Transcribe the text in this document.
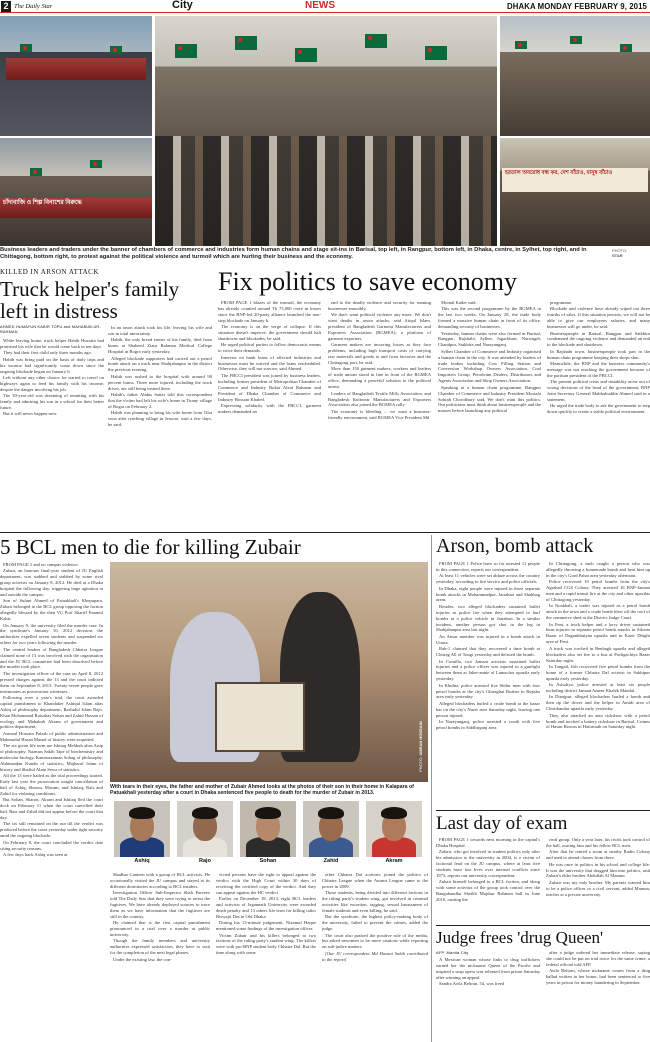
2 The Daily Star	City	NEWS	DHAKA MONDAY FEBRUARY 9, 2015
চাঁদাবাজি ও শিল্প বিনাশের বিরুদ্ধে
হরতাল অবরোধ বন্ধ কর, দেশ বাঁচাও, মানুষ বাঁচাও
Business leaders and traders under the banner of chambers of commerce and industries form human chains and stage sit-ins in Barisal, top left, in Rangpur, bottom left, in Dhaka, centre, in Sylhet, top right, and in Chittagong, bottom right, to protest against the political violence and turmoil which are hurting their business and the economy.
PHOTO:
STAR
KILLED IN ARSON ATTACK
Truck helper's family left in distress
AHMED HUMAYUN KABIR TOPU and MAHABUB-UR-RAHMAN

While leaving home, truck helper Habib Hossain had promised his wife that he would come back in ten days.

They had their first child only three months ago.

Habib was bring paid on the basis of daily trips and his income had significantly come down since the ongoing blockade began on January 6.

Left without any other choice, he started to travel on highways again to feed his family with his income, despite the danger involving his job.

The 30-year-old was dreaming of reuniting with his family and admiring his son in a school for their better future.

But it will never happen now.

In an arson attack took his life, leaving his wife and son in total uncertainty.

Habib, the only bread earner of his family, died from burns at Shaheed Ziaur Rahman Medical College Hospital in Bogra early yesterday.

Alleged blockade supporters had carried out a petrol bomb attack on a truck near Shahjahanpur in the district the previous evening.

Habib was rushed to the hospital with around 90 percent burns. Three more injured, including the truck driver, are still being treated there.

Habib's father Abdus Sattar told this correspondent that the victim had left his wife's home in Tirany village of Bogra on February 2.

Habib was planning to bring his wife home from Tilat soon after reaching village in Jessore, wait a few days, he said.

Fix politics to save economy

FROM PAGE 1 blazes of the turmoil, the economy has already counted around Tk 75,000 crore in losses since the BNP-led 20-party alliance launched the non-stop blockade on January 6.

The economy is on the verge of collapse. If this situation doesn't improve, the government should halt shutdowns and blockades, he said.

He urged political parties to follow democratic means to voice their demands.

Interests on bank loans of affected industries and businesses must be waived and the loans rescheduled. Otherwise, they will not survive, said Ahmed.

The FBCCI president was joined by business leaders, including former president of Metropolitan Chamber of Commerce and Industry Rokia Afzal Rahman and President of Dhaka Chamber of Commerce and Industry Hossain Khaled.

Expressing solidarity with the FBCCI, garment makers demanded an

end to the deadly violence and security for running businesses smoothly.

We don't want political violence any more. We don't want deaths in arson attacks, said Atiqul Islam, president of Bangladesh Garment Manufacturers and Exporters Association (BGMEA); a platform of garment exporters.

Garment makers are incurring losses as they face problems, including high transport costs of carrying raw materials and goods to and from factories and the Chittagong port, he said.

More than 150 garment makers, workers and leaders of trade unions stood in line in front of the BGMEA office, demanding a peaceful solution to the political unrest.

Leaders of Bangladesh Textile Mills Association, and Bangladesh Knitwear Manufacturers and Exporters Association also joined the BGMEA rally.

The economy is bleeding ... we want a business-friendly environment, said BGMEA Vice President Md

Moinul Kader said.

This was the second programme by the BGMEA in the last two weeks. On January 28, the trade body formed a massive human chain in front of its office, demanding security of businesses.

Yesterday, human chains were also formed in Barisal, Rangpur, Rajshahi, Sylhet, Jagachhari, Narsingdi, Chandpur, Satkhira and Narayanganj.

Sylhet Chamber of Commerce and Industry organised a human chain in the city. It was attended by leaders of trade bodies including Cow Filling Station and Conversion Workshop Owners Association, Coal Importers Group, Petroleum Dealers, Distributors and Agents Association and Shop Owners Association.

Speaking at a human chain programme, Rangpur Chamber of Commerce and Industry President Mostafa Sohrab Chowdhury said, We don't want this politics. Our politicians must think about businesspeople and the masses before launching any political

programme.

Blockade and violence have already wiped out three fourths of sales. If this situation persists, we will not be able to give our employees salaries, and many businesses will go under, he said.

Businesspeople in Barisal, Rangpur and Satkhira condemned the ongoing violence and demanded an end to the blockade and shutdown.

In Rajshahi town, businesspeople took part in the human chain programme keeping their shops shut.

Meanwhile, the BNP and the business community's message was not reaching the government because of the partisan president of the FBCCI.

The present political crisis and instability arose out of wrong decisions of the head of the government, BNP Joint Secretary General Mahbubuddin Ahmed said in a statement.

He urged the trade body to ask the government to step down quickly to create a stable political environment.

5 BCL men to die for killing Zubair

FROM PAGE 1 and no campus violence.

Zubair, an honours final-year student of JU English department, was stabbed and stabbed by some rival group activists on January 8, 2012. He died at a Dhaka hospital the following day, triggering huge agitation in and outside the campus.

Son of Sufani Ahmed of Patuakhali's Khepupara, Zubair belonged to the BCL group opposing the faction allegedly blessed by the then VC Prof Shariff Enamul Kabir.

On January 9, the university filed the murder case. In the syndicate's January 10, 2012 decision, the authorities expelled seven students and suspended six others for two years following the murder.

The central leaders of Bangladesh Chhatra League claimed none of 13 was involved with the organisation and the JU BCL committee had been dissolved before the murder took place.

The investigation officer of the case on April 8, 2012 pressed charges against the 13 and the court indicted them on September 8, 2013. Twenty-seven people gave testimonies as prosecution witnesses.

Following over a year's trial, the court awarded capital punishment to Khandaker Ashiqul Islam alias Ashiq of philosophy department; Rashidul Islam Rajo, Khan Mohammad Raisalias Sohan and Zahid Hassan of ecology and Mahabub Akram of government and politics department.

Asmaul Hossain Palash of public administration and Mahmudul Hasan Masud of history were acquitted.

The six given life term are Ishtiaq Mehbub alias Arup of philosophy, Nazmus Sakib Tape of biochemistry and molecular biology, Kamruzzaman Sohag of philosophy, Abhinandan Kundu of statistics, Majharul Islam of history and Shafiul Alam Sewa of statistics.

All the 13 were hailed as the trial proceedings started. Early last year the prosecution sought cancellation of bail of Ashiq, Sharon, Masum, and Ishtiaq; Rais and Zahid for violating conditions.

But Sohan, Sharon, Akram and Ishtiaq fled the court dock on February 11 when the court cancelled their bail. Rais and Zahid did not appear before the court that day.

The six still remained on the run till the verdict was produced before the court yesterday under tight security amid the ongoing blockade.

On February 8, the court concluded the verdict date citing security reasons.

A few days back Ashiq was seen at

PHOTO: AMRAN HOSSAIN
With tears in their eyes, the father and mother of Zubair Ahmed looks at the photos of their son in their home in Kalapara of Patuakhali yesterday after a court in Dhaka sentenced five people to death for the murder of Zubair in 2013.
Ashiq	Rajo	Sohan	Zahid	Akram

Shadhar Canteen with a group of BCL activists. He occasionally visited the JU campus and stayed at its different dormitories according to BCL insiders.

Investigation Officer Sub-Inspector Shah Parveez told The Daily Star that they were trying to arrest the fugitives. We have already deployed sources to trace them as we have information that the fugitives are still in the country.

He claimed that is the first capital punishment pronounced in a trial over a murder at public university.

Though the family members and university authorities expressed satisfaction, they have to wait for the completion of the next legal phases.

Under the existing law, the con-

victed persons have the right to appeal against the verdict with the High Court within 30 days of receiving the certified copy of the verdict. And they can appeal against the HC verdict.

Earlier on December 18, 2013, eight BCL leaders and activists of Jagannath University were awarded death penalty and 13 others life term for killing tailor Biswajit Das in Old Dhaka.

During his 13-minute judgement, Nizamul Haque mentioned some findings of the investigation officer.

Victim Zubair and his killers belonged to two factions of the ruling party's student wing. The killers were with pro-BNP student body Chhatra Dal. But the time along with some

other Chhatra Dal activists joined the politics of Chhatra League when the Awami League came to the power in 2009.

Those students, being divided into different factions in the ruling party's student wing, got involved in criminal activities like extortion, tagging, sexual harassment of female students and even killing, he said.

But the syndicate, the highest policy-making body of the university, failed to prevent the crimes, added the judge.

The court also praised the positive role of the media, but asked newsmen to be more cautious while reporting on sub-judice matters.

[Our JU correspondent Md Hasnat Sakib contributed to the report]

Arson, bomb attack

FROM PAGE 1 Police have so far arrested 11 people in this connection, reports our correspondent.

At least 11 vehicles were set ablaze across the country yesterday, according to fire service and police officials.

In Dhaka, eight people were injured in three separate bomb attacks in Mohammadpur, Jatrabari and Shahbag areas.

Besides, two alleged blockaders sustained bullet injuries as police fire when they attempted to hurl bombs at a police vehicle in Jatrabari. In a similar incident, another person got shot in the leg in Shahjahanpur area last night.

An Ansar member was injured in a bomb attack in Uttara.

Rab-1 claimed that they recovered a time bomb at Chitrag All of Tongi yesterday and defused the bomb.

In Comilla, two Jamaat activists sustained bullet injuries and a police officer was injured in a gunfight between them at Jaker-annie of Lamachor upazila early yesterday.

In Khulna, police arrested five Shibir men with four petrol bombs at the city's Ghiraghat Roaber in Rupsha area early yesterday.

Alleged blockaders hurled a crude bomb at the bazar bar on the city's Nurer area Saturday night, leaving one person injured.

In Narayanganj, police arrested a youth with five petrol bombs in Siddhirganj area.

In Chittagong, a mob caught a person who was allegedly throwing a homemade bomb and beat him up in the city's Gord Pahar area yesterday afternoon.

Police recovered 10 petrol bombs from the city's Agrabad CGS Colony. They arrested 16 BNP-Jamaat men and a rapid transit fire at the city and other upazilas of Chittagong yesterday.

In Noakhali, a trader was injured as a petrol bomb attack in the town and a crude bomb blew off the roof of the commerce shed at the District Judge Court.

In Feni, a truck helper and a lorry driver sustained burn injuries in separate petrol bomb attacks in Silonia Bazar of Daganbhuiyan upazila and in Kazir Dhighi area of Feni.

A truck was torched in Benbagh upazila and alleged blockaders also set fire to a bus at Pachgachiya Bazar Saturday night.

In Tangail, fish recovered five petrol bombs from the home of a former Chhatra Dal activist in Sakhipur upazila early yesterday.

In Ashuliya, police arrested at least six people including district Jamaat Ameer Khalek Mandal.

In Dinajpur, alleged blockaders hurled a bomb and then up the driver and the helper in Amidi area of Chirirbandar upazila early yesterday.

They also attacked an auto rickshaw with a petrol bomb and torched a battery rickshaw in Barisal. Crimes of Hasan Biswas in Hatirmath on Saturday night.

Last day of exam

FROM PAGE 1 towards next morning in the capital's Dhaka Hospital.

Zubair, who got involved in student politics only after his admission to the university in 2004, is a victim of factional feud on the JU campus, where at least five students have lost lives over internal conflicts since 1973, reports our university correspondent.

Zubair himself belonged to a BCL faction, and along with some activists of the group took control over the Bangabandhu Sheikh Mujibur Rahman hall in June 2010, ousting the

rival group. Only a year later, his rivals took control of the hall, ousting him and his fellow BCL men.

After that he rented a room at nearby Radio Colony and used to attend classes from there.

He was once in politics in his school and college life. It was the university that dragged him into politics, said Zubair's elder brother Abdullah Al Mamun.

Zubair was my only brother. My parents wanted him to be a police officer or a civil servant, added Mamun, teacher at a private university.

Judge frees 'drug Queen'
AFP, Manila City

A Mexican woman whose links to drug traffickers earned her the nickname Queen of the Pacific and inspired a soap opera was released from prison Saturday after winning an appeal.

Sandra Avila Beltran, 54, was freed

after a judge ordered her immediate release, saying she could not be put on trial twice for the same crime, a federal official told AFP.

Avila Beltran, whose nickname comes from a drug ballad written in her honor, had been sentenced to five years in prison for money laundering in September.
